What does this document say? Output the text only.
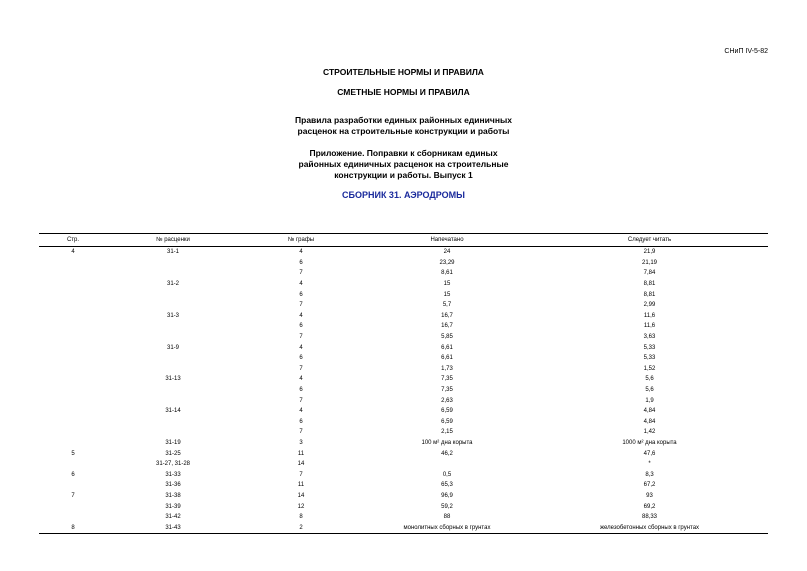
СНиП IV-5-82
СТРОИТЕЛЬНЫЕ НОРМЫ И ПРАВИЛА
СМЕТНЫЕ НОРМЫ И ПРАВИЛА
Правила разработки единых районных единичных
расценок на строительные конструкции и работы
Приложение. Поправки к сборникам единых
районных единичных расценок на строительные
конструкции и работы. Выпуск 1
СБОРНИК 31. АЭРОДРОМЫ
Стр.	№ расценки	№ графы	Напечатано	Следует читать
4	31-1	4	24	21,9
		6	23,29	21,19
		7	8,61	7,84
	31-2	4	15	8,81
		6	15	8,81
		7	5,7	2,99
	31-3	4	16,7	11,6
		6	16,7	11,6
		7	5,85	3,63
	31-9	4	6,61	5,33
		6	6,61	5,33
		7	1,73	1,52
	31-13	4	7,35	5,6
		6	7,35	5,6
		7	2,63	1,9
	31-14	4	6,59	4,84
		6	6,59	4,84
		7	2,15	1,42
	31-19	3	100 м² дна корыта	1000 м² дна корыта
5	31-25	11	46,2	47,6
	31-27, 31-28	14		*
6	31-33	7	0,5	8,3
	31-36	11	65,3	67,2
7	31-38	14	96,9	93
	31-39	12	59,2	69,2
	31-42	8	88	88,33
8	31-43	2	монолитных сборных в грунтах	железобетонных сборных в грунтах
